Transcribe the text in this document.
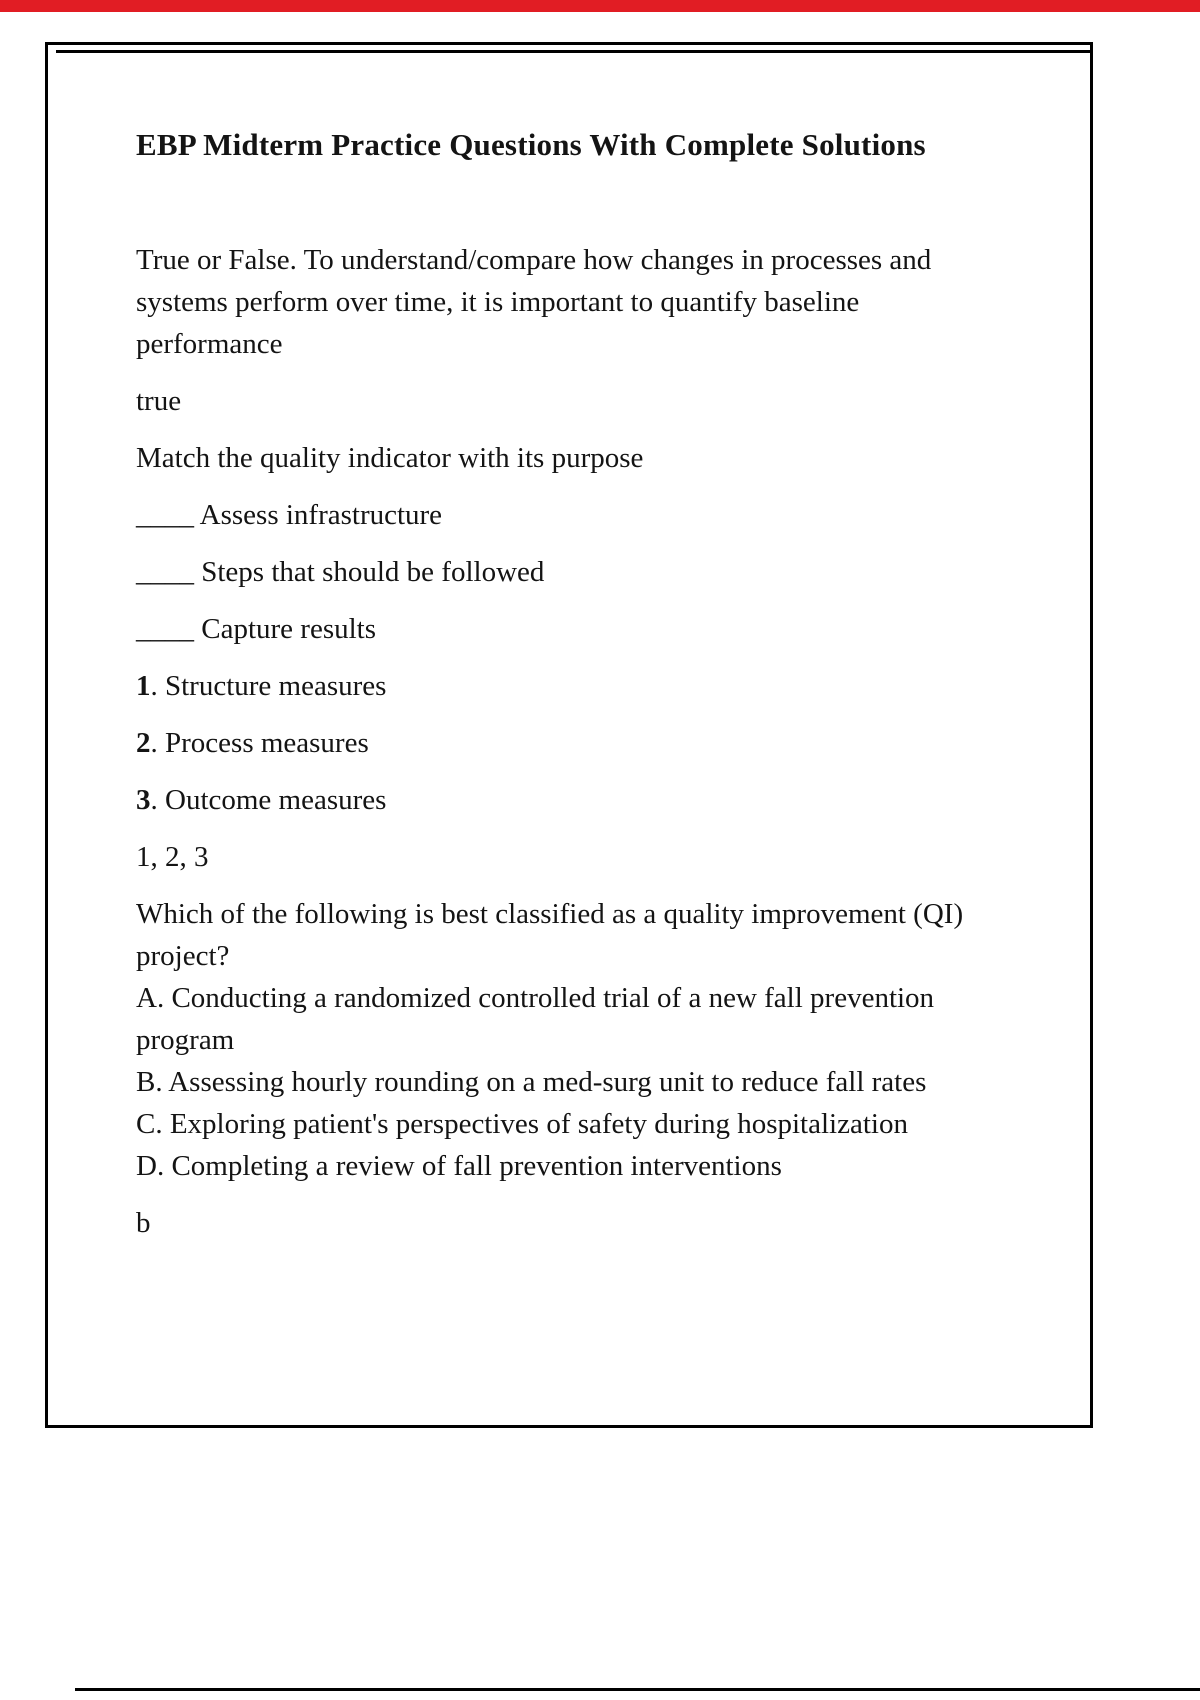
EBP Midterm Practice Questions With Complete Solutions

True or False. To understand/compare how changes in processes and systems perform over time, it is important to quantify baseline performance

true

Match the quality indicator with its purpose

____ Assess infrastructure

____ Steps that should be followed

____ Capture results

1. Structure measures

2. Process measures

3. Outcome measures

1, 2, 3

Which of the following is best classified as a quality improvement (QI) project?
A. Conducting a randomized controlled trial of a new fall prevention program
B. Assessing hourly rounding on a med-surg unit to reduce fall rates
C. Exploring patient's perspectives of safety during hospitalization
D. Completing a review of fall prevention interventions

b
